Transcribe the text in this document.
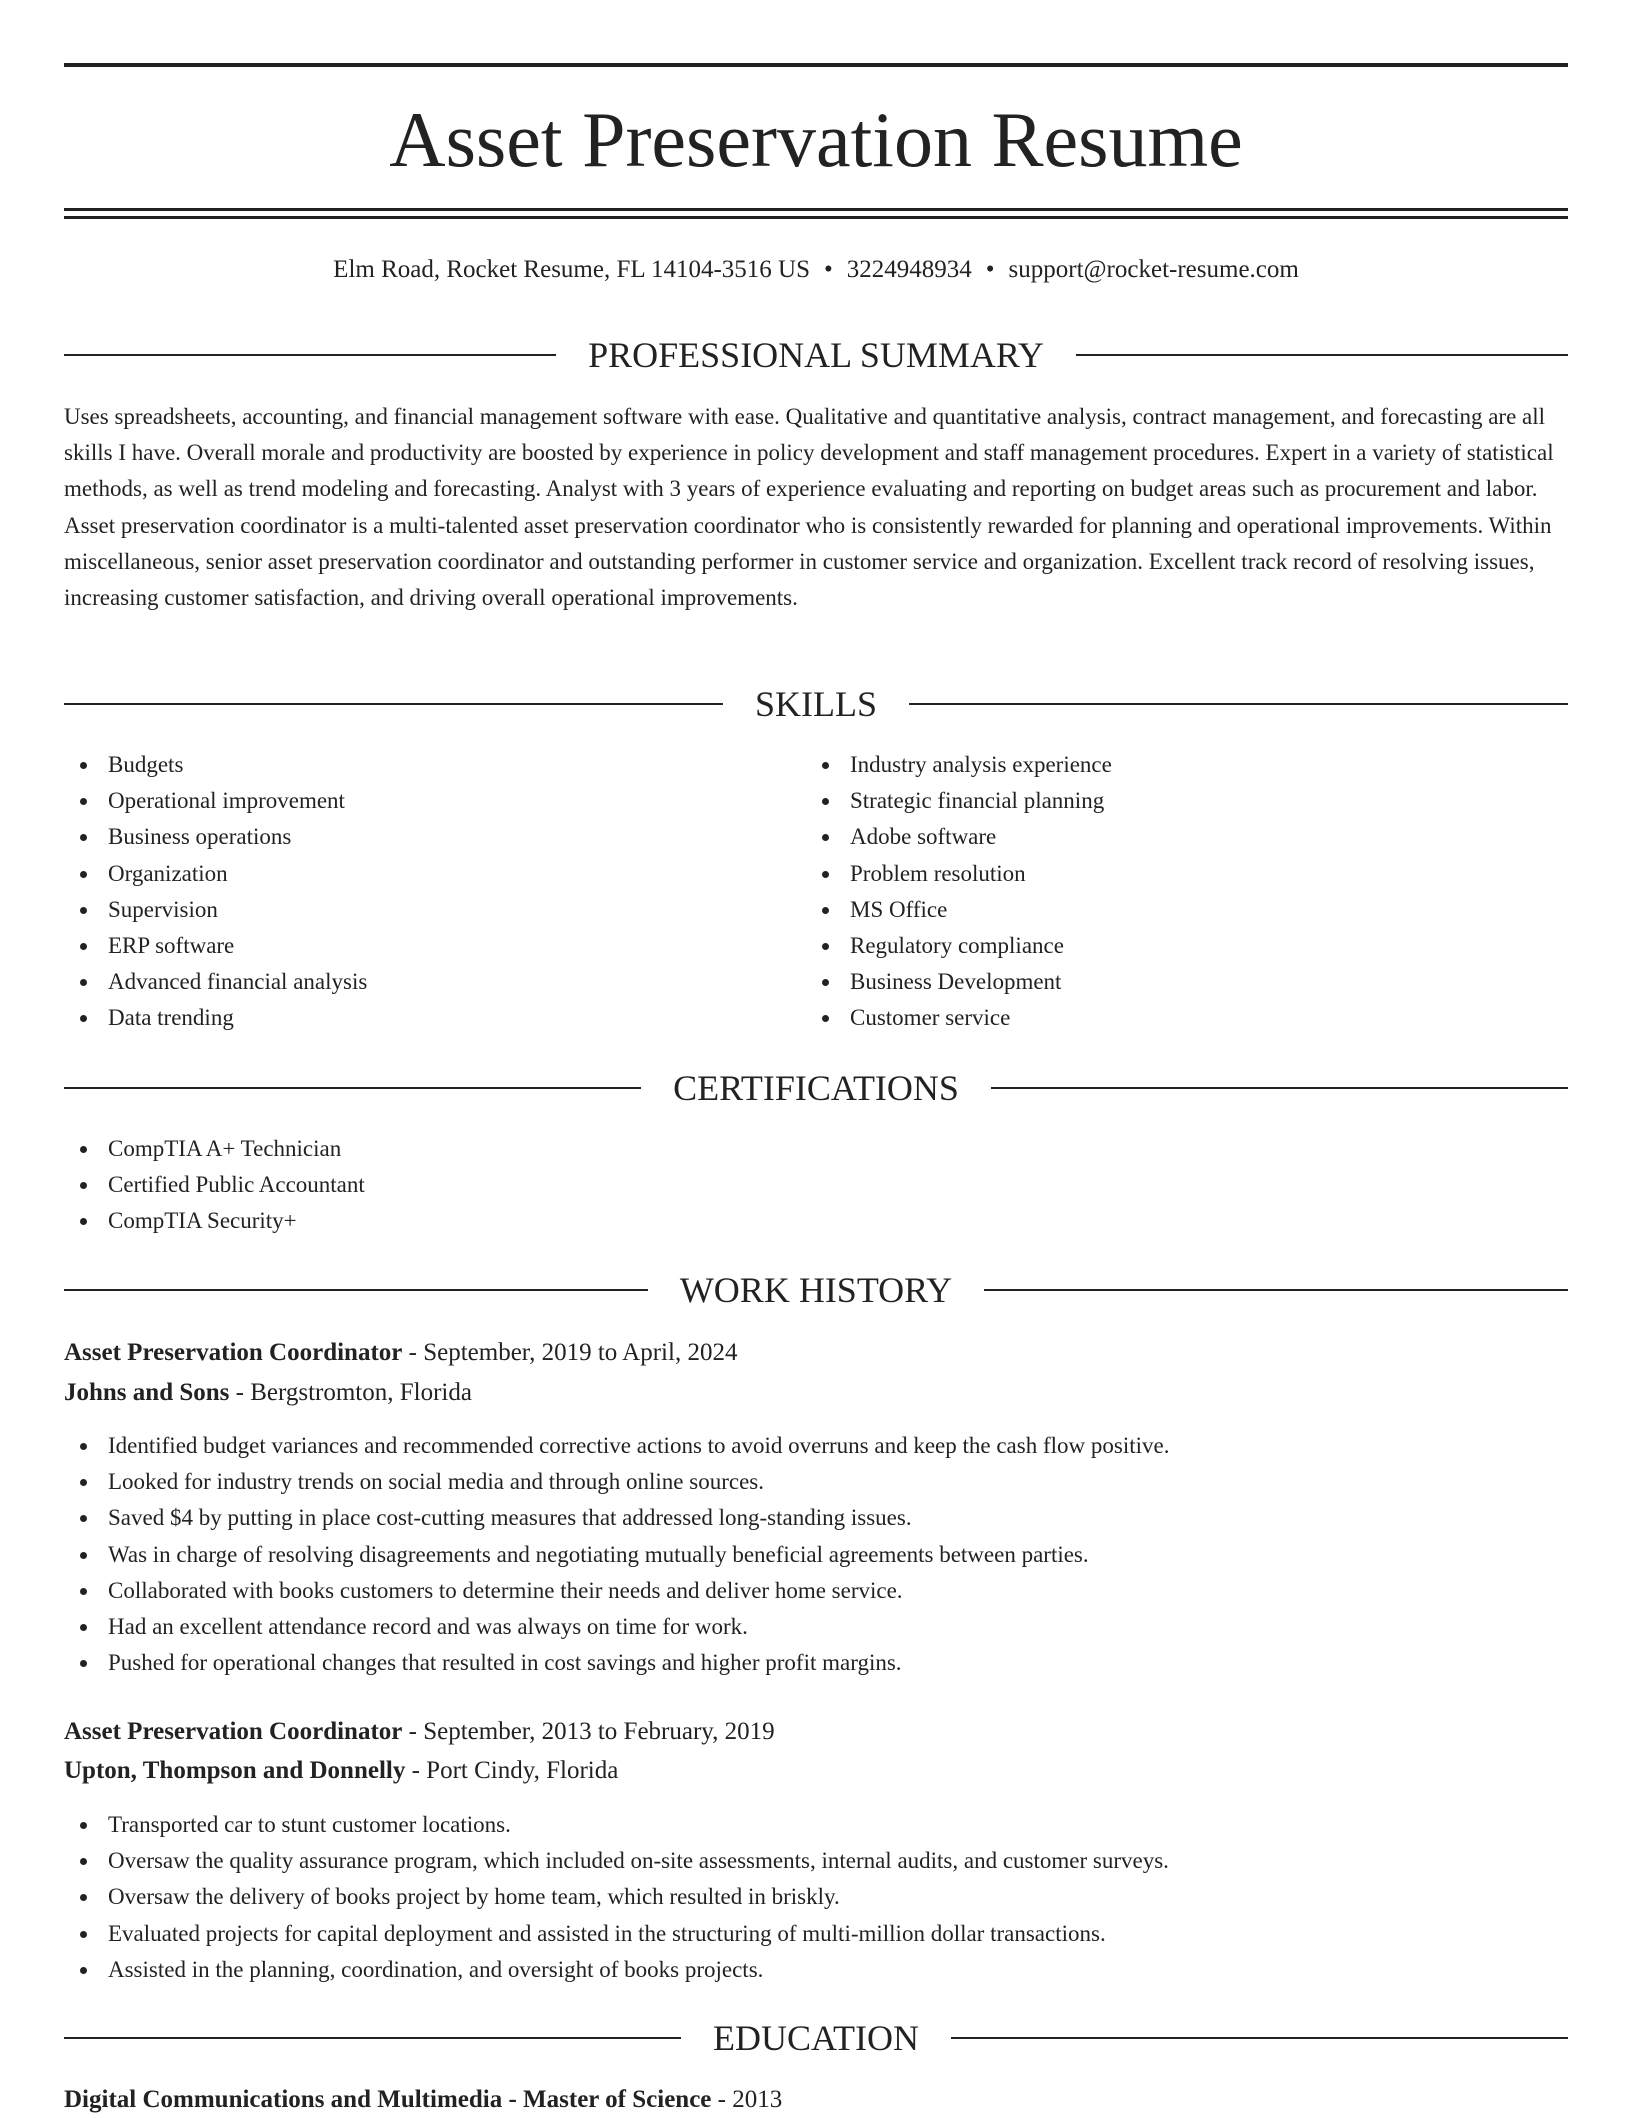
Asset Preservation Resume
Elm Road, Rocket Resume, FL 14104-3516 US • 3224948934 • support@rocket-resume.com
PROFESSIONAL SUMMARY

Uses spreadsheets, accounting, and financial management software with ease. Qualitative and quantitative analysis, contract management, and forecasting are all skills I have. Overall morale and productivity are boosted by experience in policy development and staff management procedures. Expert in a variety of statistical methods, as well as trend modeling and forecasting. Analyst with 3 years of experience evaluating and reporting on budget areas such as procurement and labor. Asset preservation coordinator is a multi-talented asset preservation coordinator who is consistently rewarded for planning and operational improvements. Within miscellaneous, senior asset preservation coordinator and outstanding performer in customer service and organization. Excellent track record of resolving issues, increasing customer satisfaction, and driving overall operational improvements.

SKILLS
Budgets
Operational improvement
Business operations
Organization
Supervision
ERP software
Advanced financial analysis
Data trending
Industry analysis experience
Strategic financial planning
Adobe software
Problem resolution
MS Office
Regulatory compliance
Business Development
Customer service
CERTIFICATIONS
CompTIA A+ Technician
Certified Public Accountant
CompTIA Security+
WORK HISTORY
Asset Preservation Coordinator - September, 2019 to April, 2024
Johns and Sons - Bergstromton, Florida
Identified budget variances and recommended corrective actions to avoid overruns and keep the cash flow positive.
Looked for industry trends on social media and through online sources.
Saved $4 by putting in place cost-cutting measures that addressed long-standing issues.
Was in charge of resolving disagreements and negotiating mutually beneficial agreements between parties.
Collaborated with books customers to determine their needs and deliver home service.
Had an excellent attendance record and was always on time for work.
Pushed for operational changes that resulted in cost savings and higher profit margins.
Asset Preservation Coordinator - September, 2013 to February, 2019
Upton, Thompson and Donnelly - Port Cindy, Florida
Transported car to stunt customer locations.
Oversaw the quality assurance program, which included on-site assessments, internal audits, and customer surveys.
Oversaw the delivery of books project by home team, which resulted in briskly.
Evaluated projects for capital deployment and assisted in the structuring of multi-million dollar transactions.
Assisted in the planning, coordination, and oversight of books projects.
EDUCATION
Digital Communications and Multimedia - Master of Science - 2013
